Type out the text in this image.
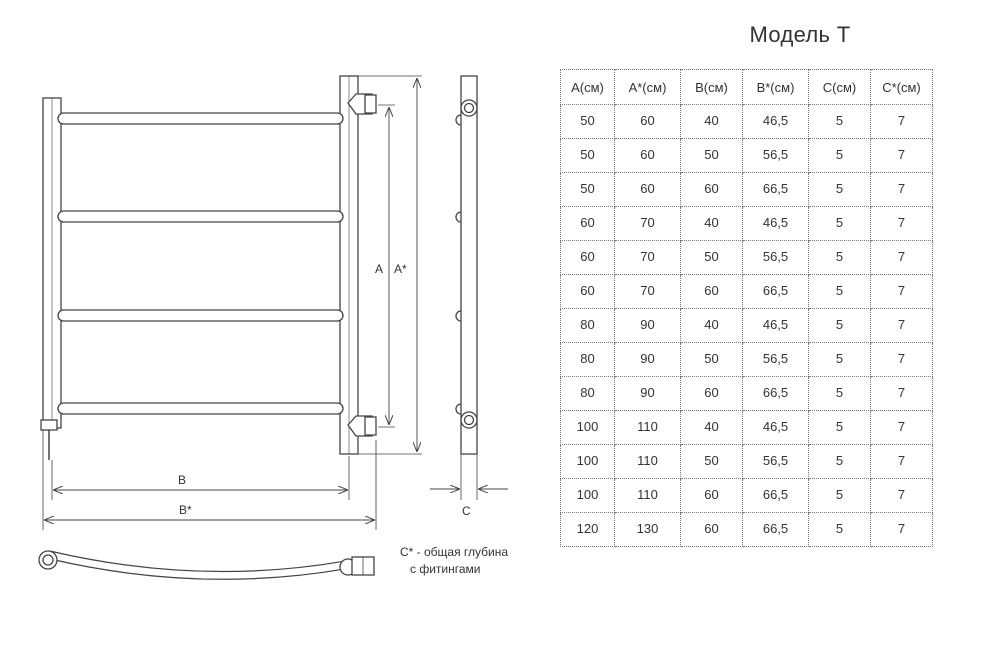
A A*
B
B*	C
C* - общая глубина
с фитингами
Модель Т
A(см)	A*(см)	B(см)	B*(см)	C(см)	C*(см)
50	60	40	46,5	5	7
50	60	50	56,5	5	7
50	60	60	66,5	5	7
60	70	40	46,5	5	7
60	70	50	56,5	5	7
60	70	60	66,5	5	7
80	90	40	46,5	5	7
80	90	50	56,5	5	7
80	90	60	66,5	5	7
100	110	40	46,5	5	7
100	110	50	56,5	5	7
100	110	60	66,5	5	7
120	130	60	66,5	5	7
